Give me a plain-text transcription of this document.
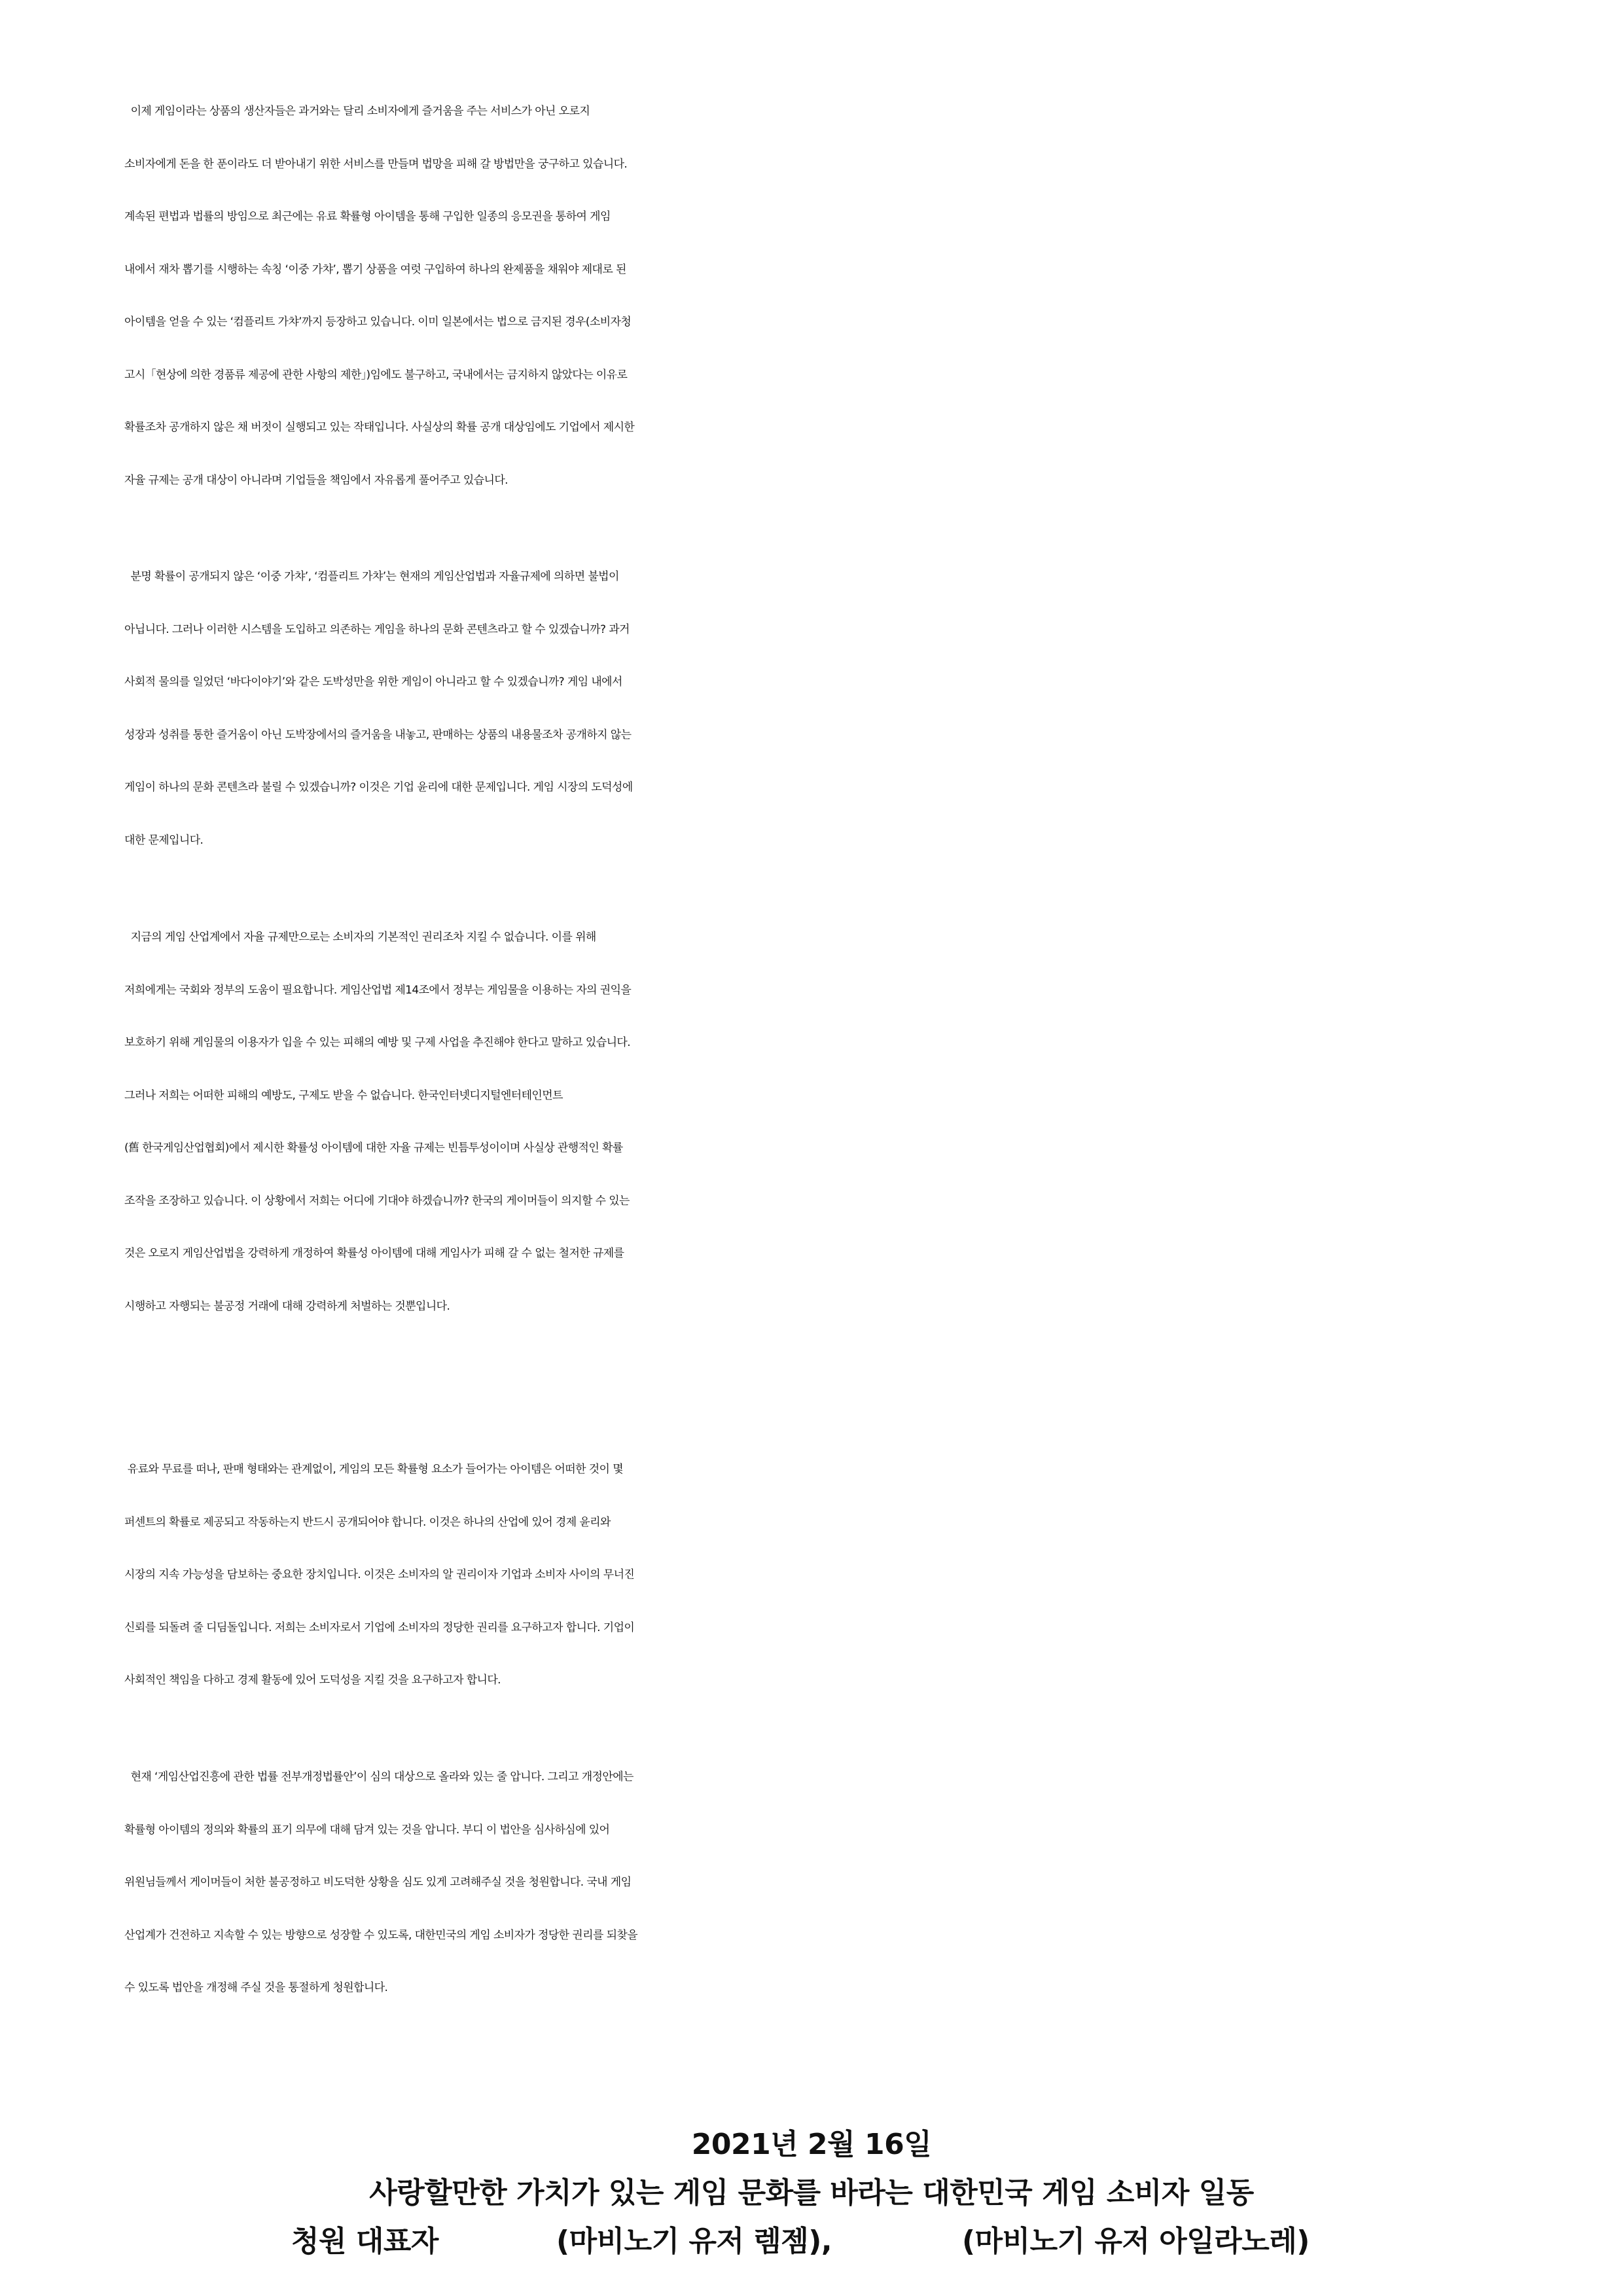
이제 게임이라는 상품의 생산자들은 과거와는 달리 소비자에게 즐거움을 주는 서비스가 아닌 오로지
소비자에게 돈을 한 푼이라도 더 받아내기 위한 서비스를 만들며 법망을 피해 갈 방법만을 궁구하고 있습니다.
계속된 편법과 법률의 방임으로 최근에는 유료 확률형 아이템을 통해 구입한 일종의 응모권을 통하여 게임
내에서 재차 뽑기를 시행하는 속칭 ‘이중 가챠’, 뽑기 상품을 여럿 구입하여 하나의 완제품을 채워야 제대로 된
아이템을 얻을 수 있는 ‘컴플리트 가챠’까지 등장하고 있습니다. 이미 일본에서는 법으로 금지된 경우(소비자청
고시「현상에 의한 경품류 제공에 관한 사항의 제한」)임에도 불구하고, 국내에서는 금지하지 않았다는 이유로
확률조차 공개하지 않은 채 버젓이 실행되고 있는 작태입니다. 사실상의 확률 공개 대상임에도 기업에서 제시한
자율 규제는 공개 대상이 아니라며 기업들을 책임에서 자유롭게 풀어주고 있습니다.
분명 확률이 공개되지 않은 ‘이중 가챠’, ‘컴플리트 가챠’는 현재의 게임산업법과 자율규제에 의하면 불법이
아닙니다. 그러나 이러한 시스템을 도입하고 의존하는 게임을 하나의 문화 콘텐츠라고 할 수 있겠습니까? 과거
사회적 물의를 일었던 ‘바다이야기’와 같은 도박성만을 위한 게임이 아니라고 할 수 있겠습니까? 게임 내에서
성장과 성취를 통한 즐거움이 아닌 도박장에서의 즐거움을 내놓고, 판매하는 상품의 내용물조차 공개하지 않는
게임이 하나의 문화 콘텐츠라 불릴 수 있겠습니까? 이것은 기업 윤리에 대한 문제입니다. 게임 시장의 도덕성에
대한 문제입니다.
지금의 게임 산업계에서 자율 규제만으로는 소비자의 기본적인 권리조차 지킬 수 없습니다. 이를 위해
저희에게는 국회와 정부의 도움이 필요합니다. 게임산업법 제14조에서 정부는 게임물을 이용하는 자의 권익을
보호하기 위해 게임물의 이용자가 입을 수 있는 피해의 예방 및 구제 사업을 추진해야 한다고 말하고 있습니다.
그러나 저희는 어떠한 피해의 예방도, 구제도 받을 수 없습니다. 한국인터넷디지털엔터테인먼트
(舊 한국게임산업협회)에서 제시한 확률성 아이템에 대한 자율 규제는 빈틈투성이이며 사실상 관행적인 확률
조작을 조장하고 있습니다. 이 상황에서 저희는 어디에 기대야 하겠습니까? 한국의 게이머들이 의지할 수 있는
것은 오로지 게임산업법을 강력하게 개정하여 확률성 아이템에 대해 게임사가 피해 갈 수 없는 철저한 규제를
시행하고 자행되는 불공정 거래에 대해 강력하게 처벌하는 것뿐입니다.
유료와 무료를 떠나, 판매 형태와는 관계없이, 게임의 모든 확률형 요소가 들어가는 아이템은 어떠한 것이 몇
퍼센트의 확률로 제공되고 작동하는지 반드시 공개되어야 합니다. 이것은 하나의 산업에 있어 경제 윤리와
시장의 지속 가능성을 담보하는 중요한 장치입니다. 이것은 소비자의 알 권리이자 기업과 소비자 사이의 무너진
신뢰를 되돌려 줄 디딤돌입니다. 저희는 소비자로서 기업에 소비자의 정당한 권리를 요구하고자 합니다. 기업이
사회적인 책임을 다하고 경제 활동에 있어 도덕성을 지킬 것을 요구하고자 합니다.
현재 ‘게임산업진흥에 관한 법률 전부개정법률안’이 심의 대상으로 올라와 있는 줄 압니다. 그리고 개정안에는
확률형 아이템의 정의와 확률의 표기 의무에 대해 담겨 있는 것을 압니다. 부디 이 법안을 심사하심에 있어
위원님들께서 게이머들이 처한 불공정하고 비도덕한 상황을 심도 있게 고려해주실 것을 청원합니다. 국내 게임
산업계가 건전하고 지속할 수 있는 방향으로 성장할 수 있도록, 대한민국의 게임 소비자가 정당한 권리를 되찾을
수 있도록 법안을 개정해 주실 것을 통절하게 청원합니다.
2021년 2월 16일
사랑할만한 가치가 있는 게임 문화를 바라는 대한민국 게임 소비자 일동
청원 대표자	(마비노기 유저 렘젬),	(마비노기 유저 아일라노레)
